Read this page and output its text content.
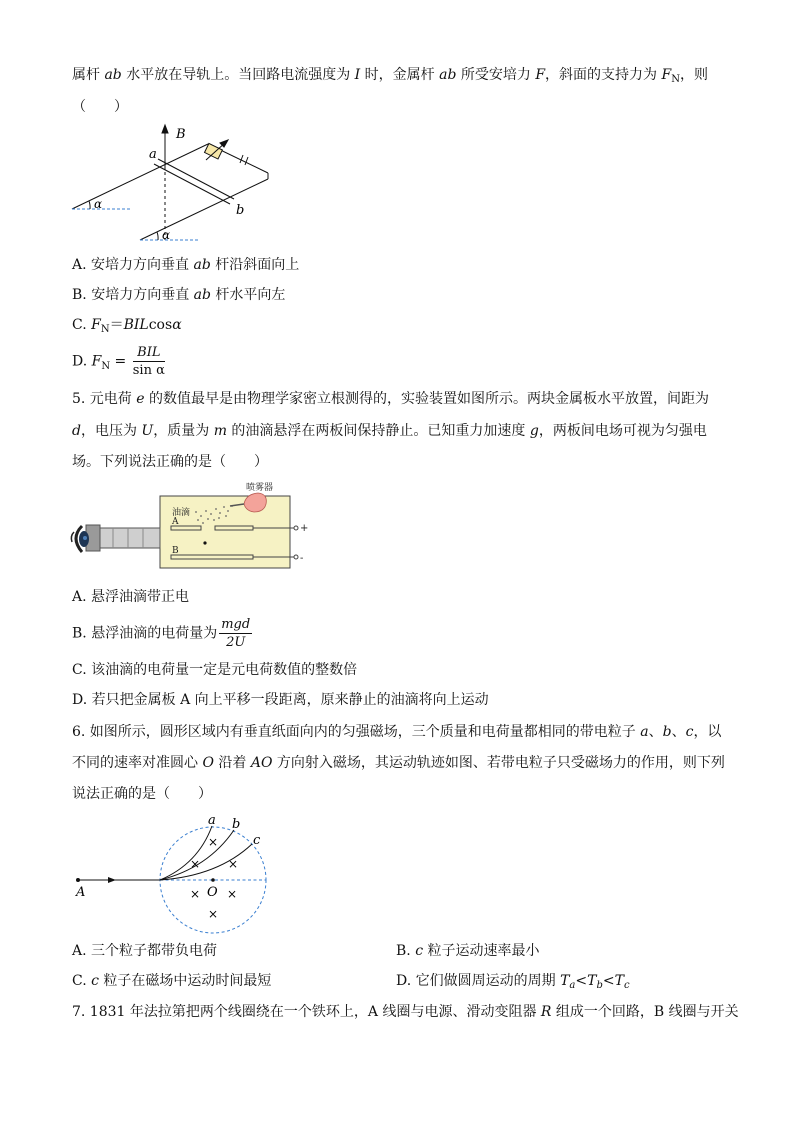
属杆 ab 水平放在导轨上。当回路电流强度为 I 时，金属杆 ab 所受安培力 F，斜面的支持力为 $F_N$，则
（　　）
B
a
b
α
α
A. 安培力方向垂直 ab 杆沿斜面向上
B. 安培力方向垂直 ab 杆水平向左
C. $F_N=BILcos\alpha$
D. $F_N = \frac{\text{BIL}}{\text{sin α}}$
5. 元电荷 e 的数值最早是由物理学家密立根测得的，实验装置如图所示。两块金属板水平放置，间距为
d，电压为 U，质量为 m 的油滴悬浮在两板间保持静止。已知重力加速度 g，两板间电场可视为匀强电
场。下列说法正确的是（　　）
喷雾器
油滴
A
B
+
-
A. 悬浮油滴带正电
B. 悬浮油滴的电荷量为 $\frac{\text{mgd}}{2U}$
C. 该油滴的电荷量一定是元电荷数值的整数倍
D. 若只把金属板 A 向上平移一段距离，原来静止的油滴将向上运动
6. 如图所示，圆形区域内有垂直纸面向内的匀强磁场，三个质量和电荷量都相同的带电粒子 a、b、c，以
不同的速率对准圆心 O 沿着 AO 方向射入磁场，其运动轨迹如图、若带电粒子只受磁场力的作用，则下列
说法正确的是（　　）
a b
c
A	O
×
× ×
× ×
×
A. 三个粒子都带负电荷	B. c 粒子运动速率最小
C. c 粒子在磁场中运动时间最短	D. 它们做圆周运动的周期 $T_a<T_b<T_c$
7. 1831 年法拉第把两个线圈绕在一个铁环上，A 线圈与电源、滑动变阻器 R 组成一个回路，B 线圈与开关
